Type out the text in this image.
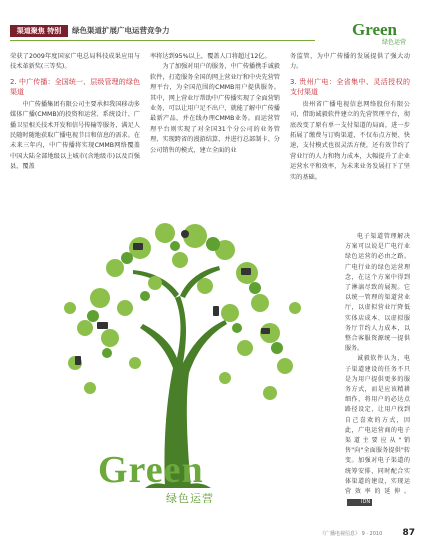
渠道聚焦 特别	绿色渠道扩展广电运营竞争力	Green
绿色运营

荣获了2009年度国家广电总局科技成果应用与技术革新奖(三等奖)。

2. 中广传播：全国统一、层级管理的绿色渠道

中广传播集团有限公司主要承担我国移动多媒体广播(CMMB)的投资和运营、系统设计、广播卫星相关技术开发和信号传输等服务，满足人民随时随地获取广播电视节目和信息的需求。在未来三年内，中广传播将实现CMMB网络覆盖中国大陆全部地级以上城市(含地级市)以及百强县，覆盖

率将达到95%以上，覆盖人口将超过12亿。

为了加强对用户的服务，中广传播携手诚毅软件，打造服务全国的网上营业厅和中央先营管理平台，为全国范围的CMMB用户提供服务。其中，网上营业厅帮助中广传播实现了全面营销业务，可以让用户足不出户，就能了解中广传播最新产品，并在线办理CMMB业务。而运营管理平台则实现了对全国31个分公司的业务管理、实现跨省的漫游结算，并进行总部制卡、分公司销售的模式，建立全面的业

务监管，为中广传播的发展提供了强大动力。

3. 贵州广电：全省集中、灵活授权的支付渠道

贵州省广播电视信息网络股份有限公司，借助诚毅软件建立的先营管理平台，彻底改变了原有单一支付渠道的局面，进一步拓展了缴费与订购渠道，不仅布点方便、快速，支付模式也很灵活方便，还有效节约了营业厅的人力和物力成本，大幅提升了企业运营水平和效率，为未来业务发展打下了坚实的基础。

电子渠道管理解决方案可以说是广电行业绿色运营的必由之路。广电行业的绿色运营理念，在这个方案中得到了淋漓尽致的展现。它以统一管理的渠道营业厅，以虚拟营业厅降低实体店成本、以虚拟服务厅节约人力成本，以整合客服资源统一提供服务。

诚毅软件认为，电子渠道建设的任务不只是为用户提供更多的服务方式，而是应该精耕细作，将用户的必达点路径设定，让用户找到自己喜欢的方式，因此，广电运营商的电子渠道主要应从"销售"向"全面服务提供"转变。加强对电子渠道的统筹安排，同时配合实体渠道的建设，实现运营效率的延伸。IDN

Green
绿色运营
《广播电视信息》 9 · 2010 87
